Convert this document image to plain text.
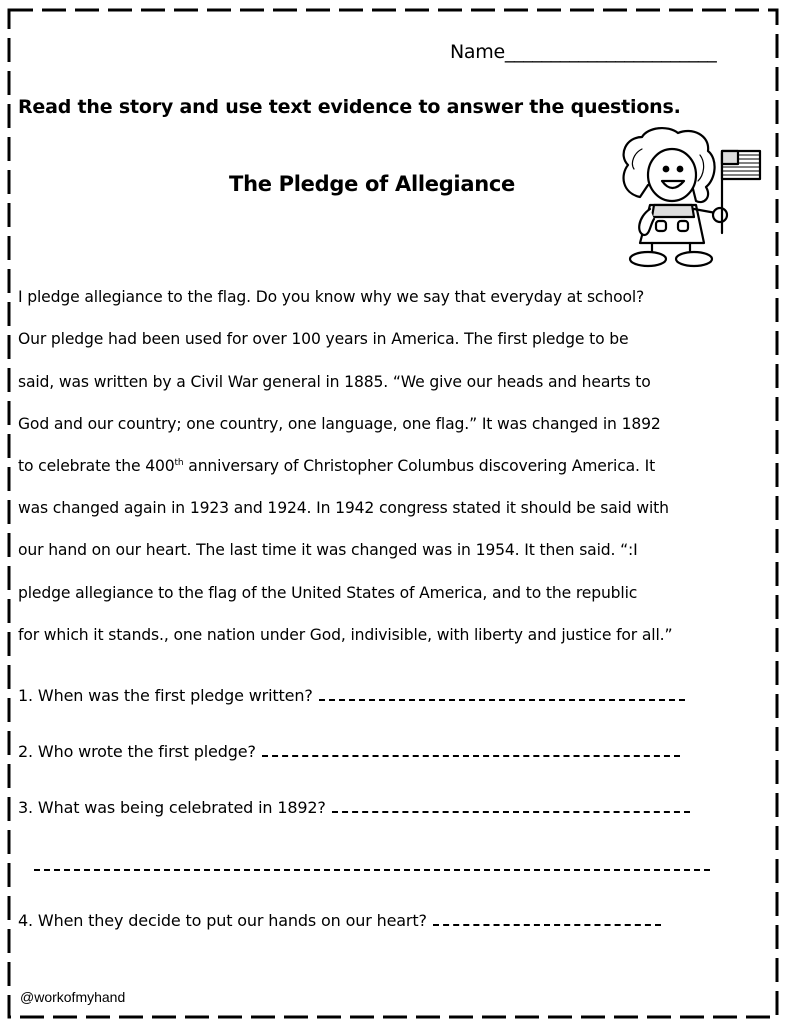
Name_______________________
Read the story and use text evidence to answer the questions.
The Pledge of Allegiance
I pledge allegiance to the flag. Do you know why we say that everyday at school?
Our pledge had been used for over 100 years in America. The first pledge to be
said, was written by a Civil War general in 1885. “We give our heads and hearts to
God and our country; one country, one language, one flag.” It was changed in 1892
to celebrate the 400th anniversary of Christopher Columbus discovering America. It
was changed again in 1923 and 1924. In 1942 congress stated it should be said with
our hand on our heart. The last time it was changed was in 1954. It then said. “:I
pledge allegiance to the flag of the United States of America, and to the republic
for which it stands., one nation under God, indivisible, with liberty and justice for all.”
1. When was the first pledge written?
2. Who wrote the first pledge?
3. What was being celebrated in 1892?
4. When they decide to put our hands on our heart?
@workofmyhand
